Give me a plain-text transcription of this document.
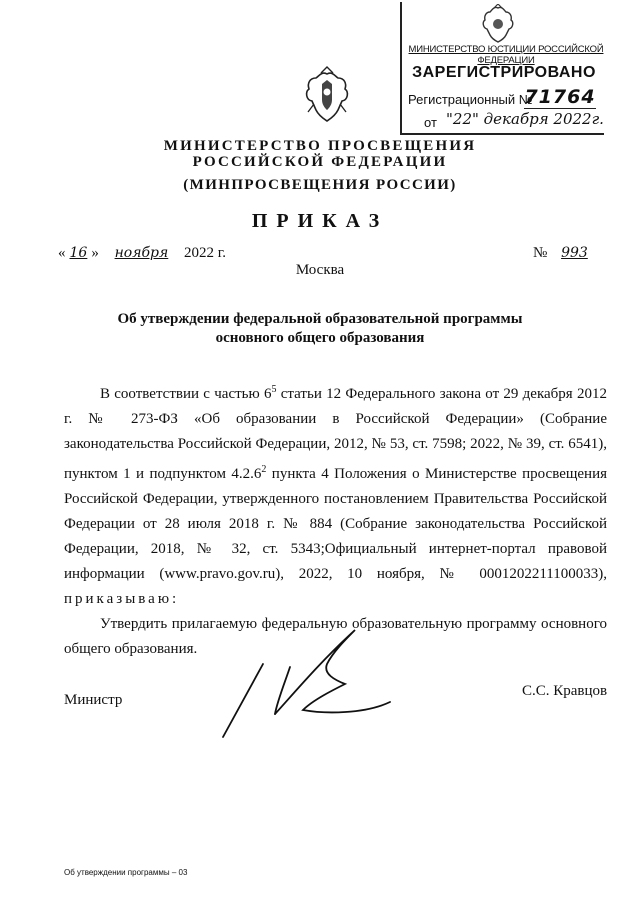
МИНИСТЕРСТВО ЮСТИЦИИ РОССИЙСКОЙ ФЕДЕРАЦИИ
ЗАРЕГИСТРИРОВАНО
Регистрационный №
71764
от "22" декабря 2022г.
МИНИСТЕРСТВО ПРОСВЕЩЕНИЯ
РОССИЙСКОЙ ФЕДЕРАЦИИ
(МИНПРОСВЕЩЕНИЯ РОССИИ)
ПРИКАЗ
« 16 » ноября 2022 г.	№ 993
Москва
Об утверждении федеральной образовательной программы
основного общего образования

В соответствии с частью $6^5$ статьи 12 Федерального закона от 29 декабря 2012 г. № 273-ФЗ «Об образовании в Российской Федерации» (Собрание законодательства Российской Федерации, 2012, № 53, ст. 7598; 2022, № 39, ст. 6541), пунктом 1 и подпунктом 4.2.6$^2$ пункта 4 Положения о Министерстве просвещения Российской Федерации, утвержденного постановлением Правительства Российской Федерации от 28 июля 2018 г. № 884 (Собрание законодательства Российской Федерации, 2018, № 32, ст. 5343;Официальный интернет-портал правовой информации (www.pravo.gov.ru), 2022, 10 ноября, № 0001202211100033), приказываю:

Утвердить прилагаемую федеральную образовательную программу основного общего образования.

Министр
С.С. Кравцов
Об утверждении программы – 03
